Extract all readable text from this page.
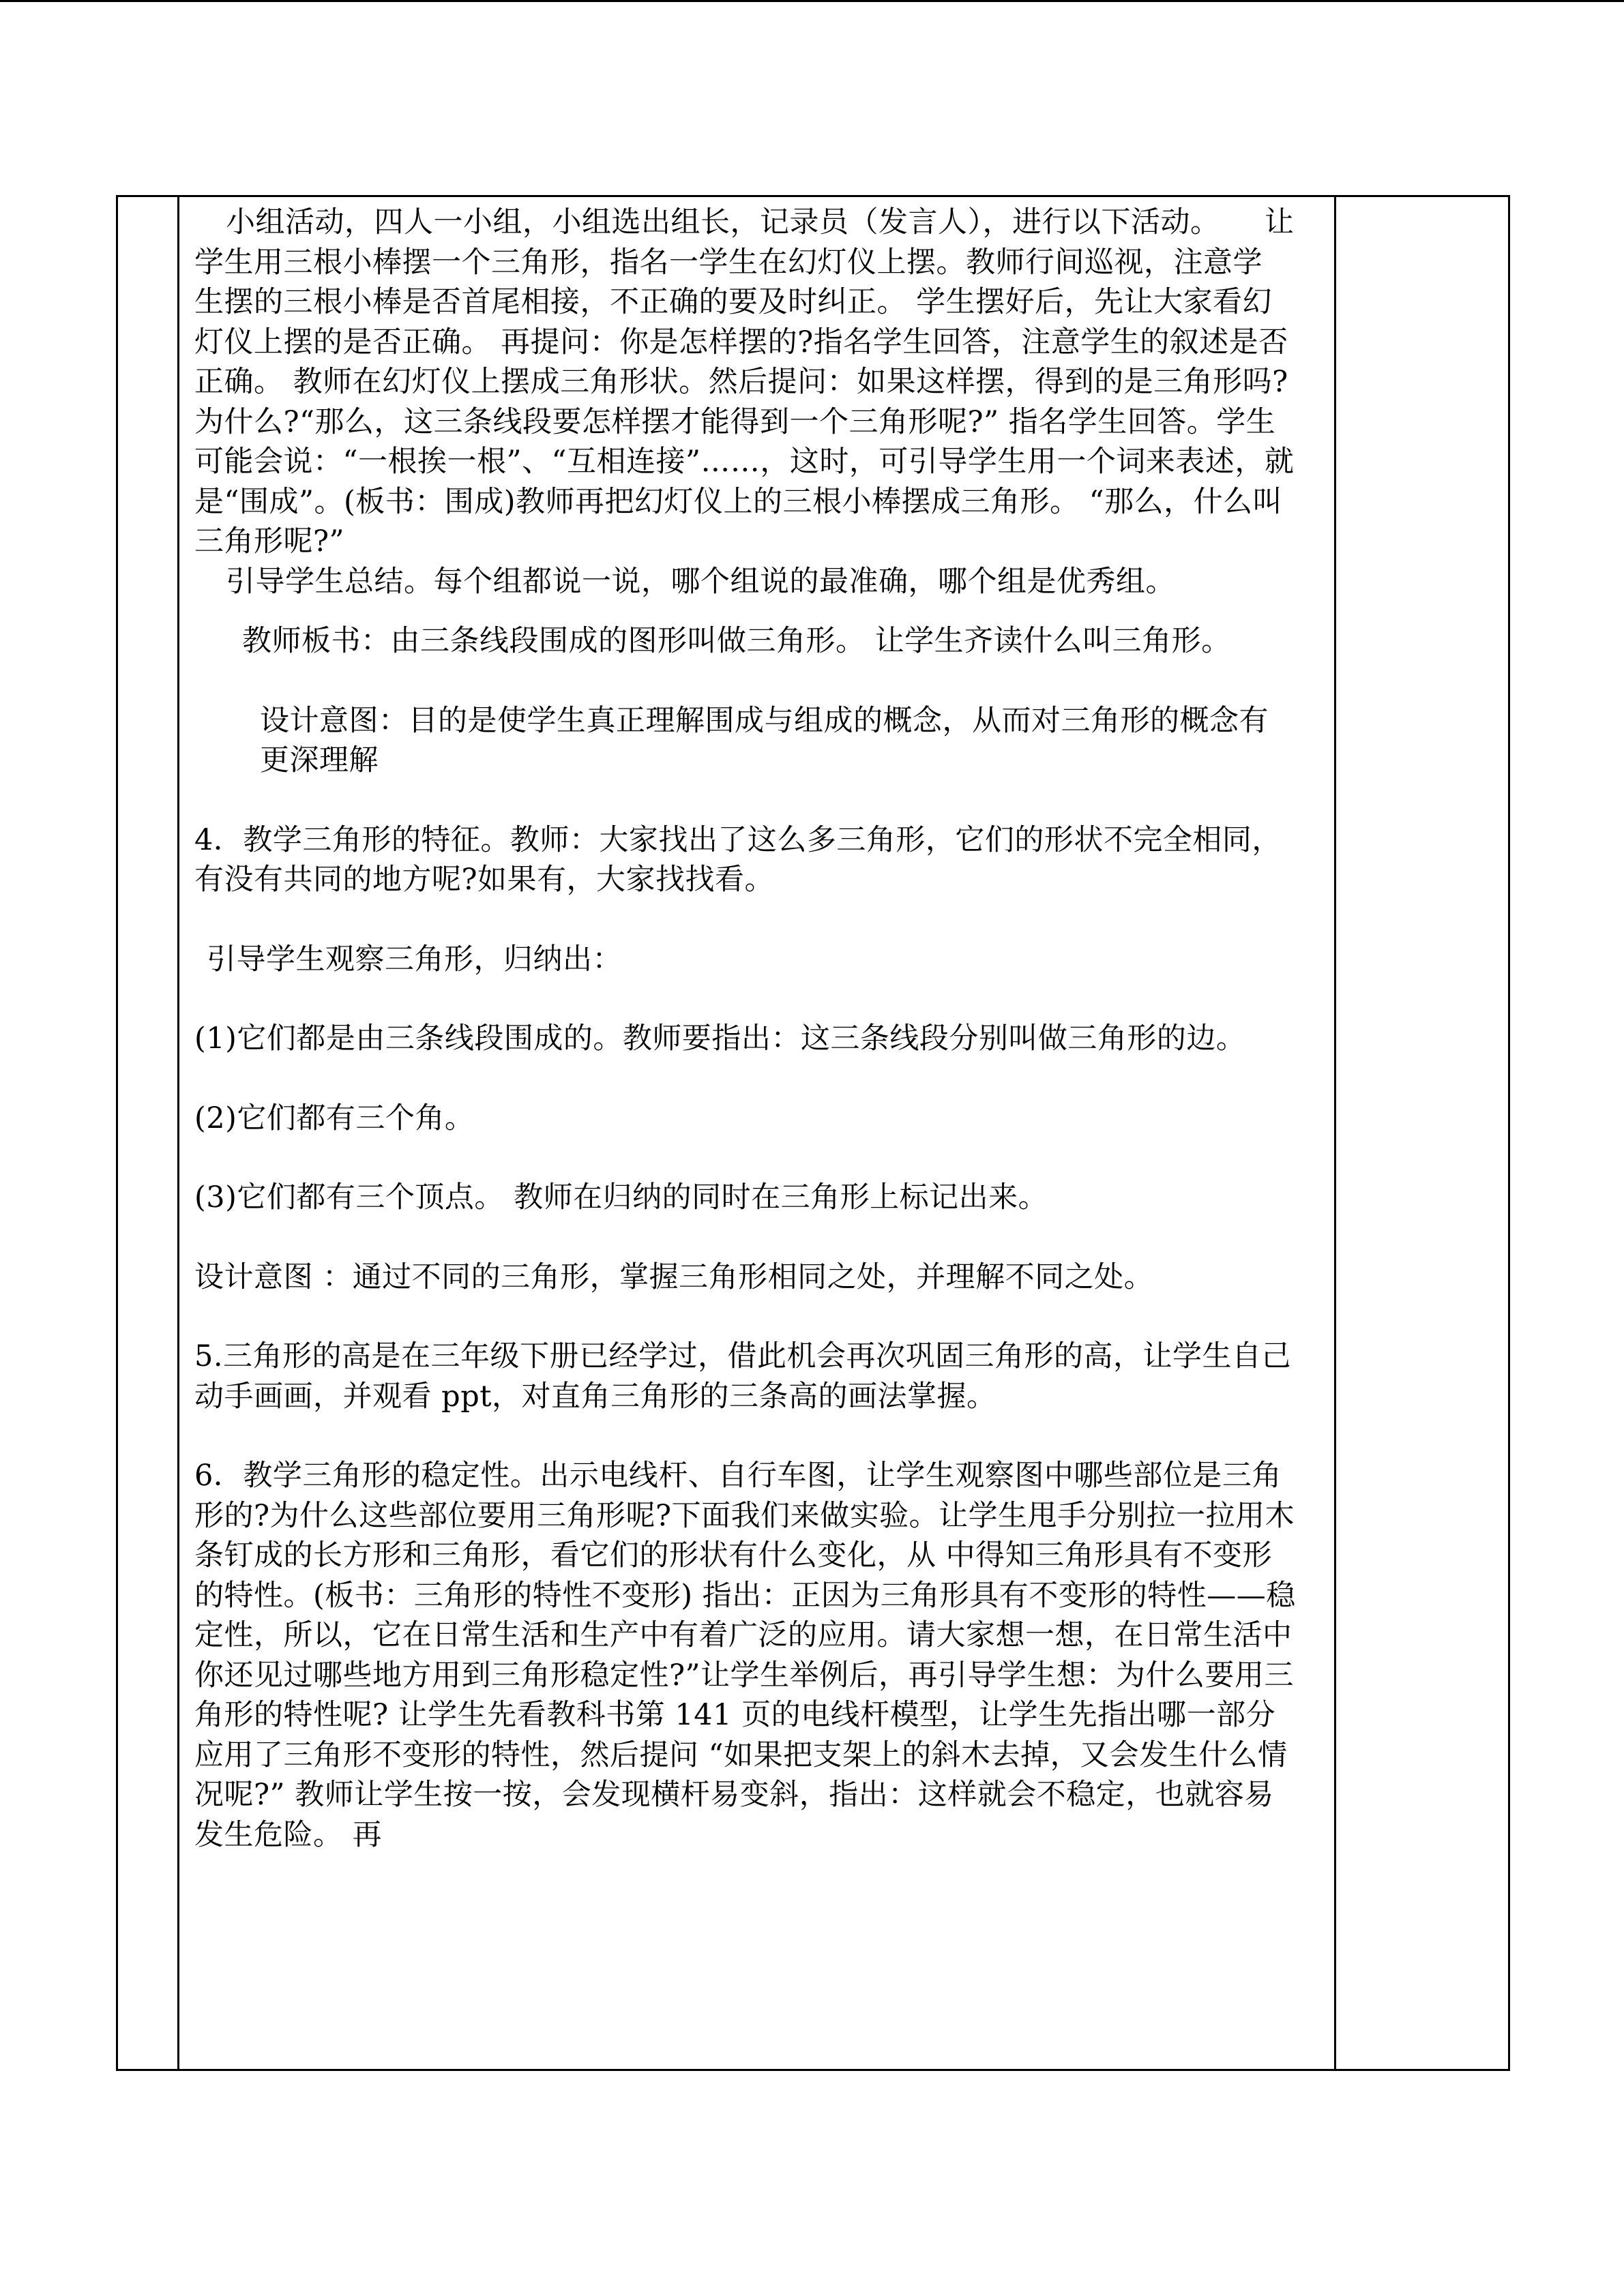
小组活动，四人一小组，小组选出组长，记录员（发言人），进行以下活动。　　让学生用三根小棒摆一个三角形，指名一学生在幻灯仪上摆。教师行间巡视，注意学 生摆的三根小棒是否首尾相接，不正确的要及时纠正。 学生摆好后，先让大家看幻灯仪上摆的是否正确。 再提问：你是怎样摆的?指名学生回答，注意学生的叙述是否正确。 教师在幻灯仪上摆成三角形状。然后提问：如果这样摆，得到的是三角形吗?为什么?“那么，这三条线段要怎样摆才能得到一个三角形呢?” 指名学生回答。学生可能会说：“一根挨一根”、“互相连接”……，这时，可引导学生用一个词来表述，就是“围成”。(板书：围成)教师再把幻灯仪上的三根小棒摆成三角形。 “那么，什么叫三角形呢?”

引导学生总结。每个组都说一说，哪个组说的最准确，哪个组是优秀组。

教师板书：由三条线段围成的图形叫做三角形。 让学生齐读什么叫三角形。

设计意图：目的是使学生真正理解围成与组成的概念，从而对三角形的概念有更深理解

4．教学三角形的特征。教师：大家找出了这么多三角形，它们的形状不完全相同，有没有共同的地方呢?如果有，大家找找看。

引导学生观察三角形，归纳出：

(1)它们都是由三条线段围成的。教师要指出：这三条线段分别叫做三角形的边。

(2)它们都有三个角。

(3)它们都有三个顶点。 教师在归纳的同时在三角形上标记出来。

设计意图 ：通过不同的三角形，掌握三角形相同之处，并理解不同之处。

5.三角形的高是在三年级下册已经学过，借此机会再次巩固三角形的高，让学生自己动手画画，并观看 ppt，对直角三角形的三条高的画法掌握。

6．教学三角形的稳定性。出示电线杆、自行车图，让学生观察图中哪些部位是三角形的?为什么这些部位要用三角形呢?下面我们来做实验。让学生甩手分别拉一拉用木条钉成的长方形和三角形，看它们的形状有什么变化，从 中得知三角形具有不变形的特性。(板书：三角形的特性不变形) 指出：正因为三角形具有不变形的特性——稳定性，所以，它在日常生活和生产中有着广泛的应用。请大家想一想，在日常生活中你还见过哪些地方用到三角形稳定性?”让学生举例后，再引导学生想：为什么要用三角形的特性呢? 让学生先看教科书第 141 页的电线杆模型，让学生先指出哪一部分应用了三角形不变形的特性，然后提问 “如果把支架上的斜木去掉，又会发生什么情况呢?” 教师让学生按一按，会发现横杆易变斜，指出：这样就会不稳定，也就容易发生危险。 再
